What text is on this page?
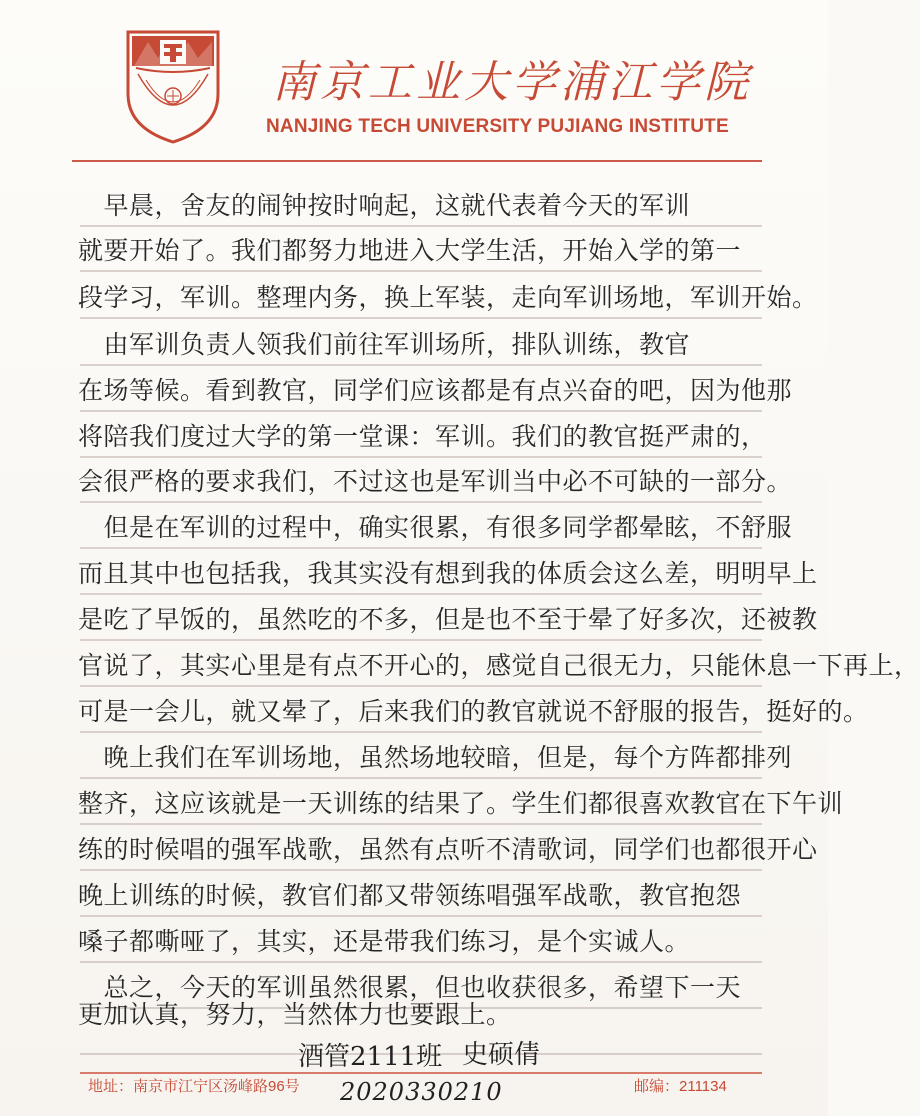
南京工业大学浦江学院
NANJING TECH UNIVERSITY PUJIANG INSTITUTE
　早晨，舍友的闹钟按时响起，这就代表着今天的军训
就要开始了。我们都努力地进入大学生活，开始入学的第一
段学习，军训。整理内务，换上军装，走向军训场地，军训开始。
　由军训负责人领我们前往军训场所，排队训练，教官
在场等候。看到教官，同学们应该都是有点兴奋的吧，因为他那
将陪我们度过大学的第一堂课：军训。我们的教官挺严肃的，
会很严格的要求我们，不过这也是军训当中必不可缺的一部分。
　但是在军训的过程中，确实很累，有很多同学都晕眩，不舒服
而且其中也包括我，我其实没有想到我的体质会这么差，明明早上
是吃了早饭的，虽然吃的不多，但是也不至于晕了好多次，还被教
官说了，其实心里是有点不开心的，感觉自己很无力，只能休息一下再上，
可是一会儿，就又晕了，后来我们的教官就说不舒服的报告，挺好的。
　晚上我们在军训场地，虽然场地较暗，但是，每个方阵都排列
整齐，这应该就是一天训练的结果了。学生们都很喜欢教官在下午训
练的时候唱的强军战歌，虽然有点听不清歌词，同学们也都很开心
晚上训练的时候，教官们都又带领练唱强军战歌，教官抱怨
嗓子都嘶哑了，其实，还是带我们练习，是个实诚人。
　总之，今天的军训虽然很累，但也收获很多，希望下一天
更加认真，努力，当然体力也要跟上。
酒管2111班 史硕倩
地址：南京市江宁区汤峰路96号 2020330210	邮编：211134
